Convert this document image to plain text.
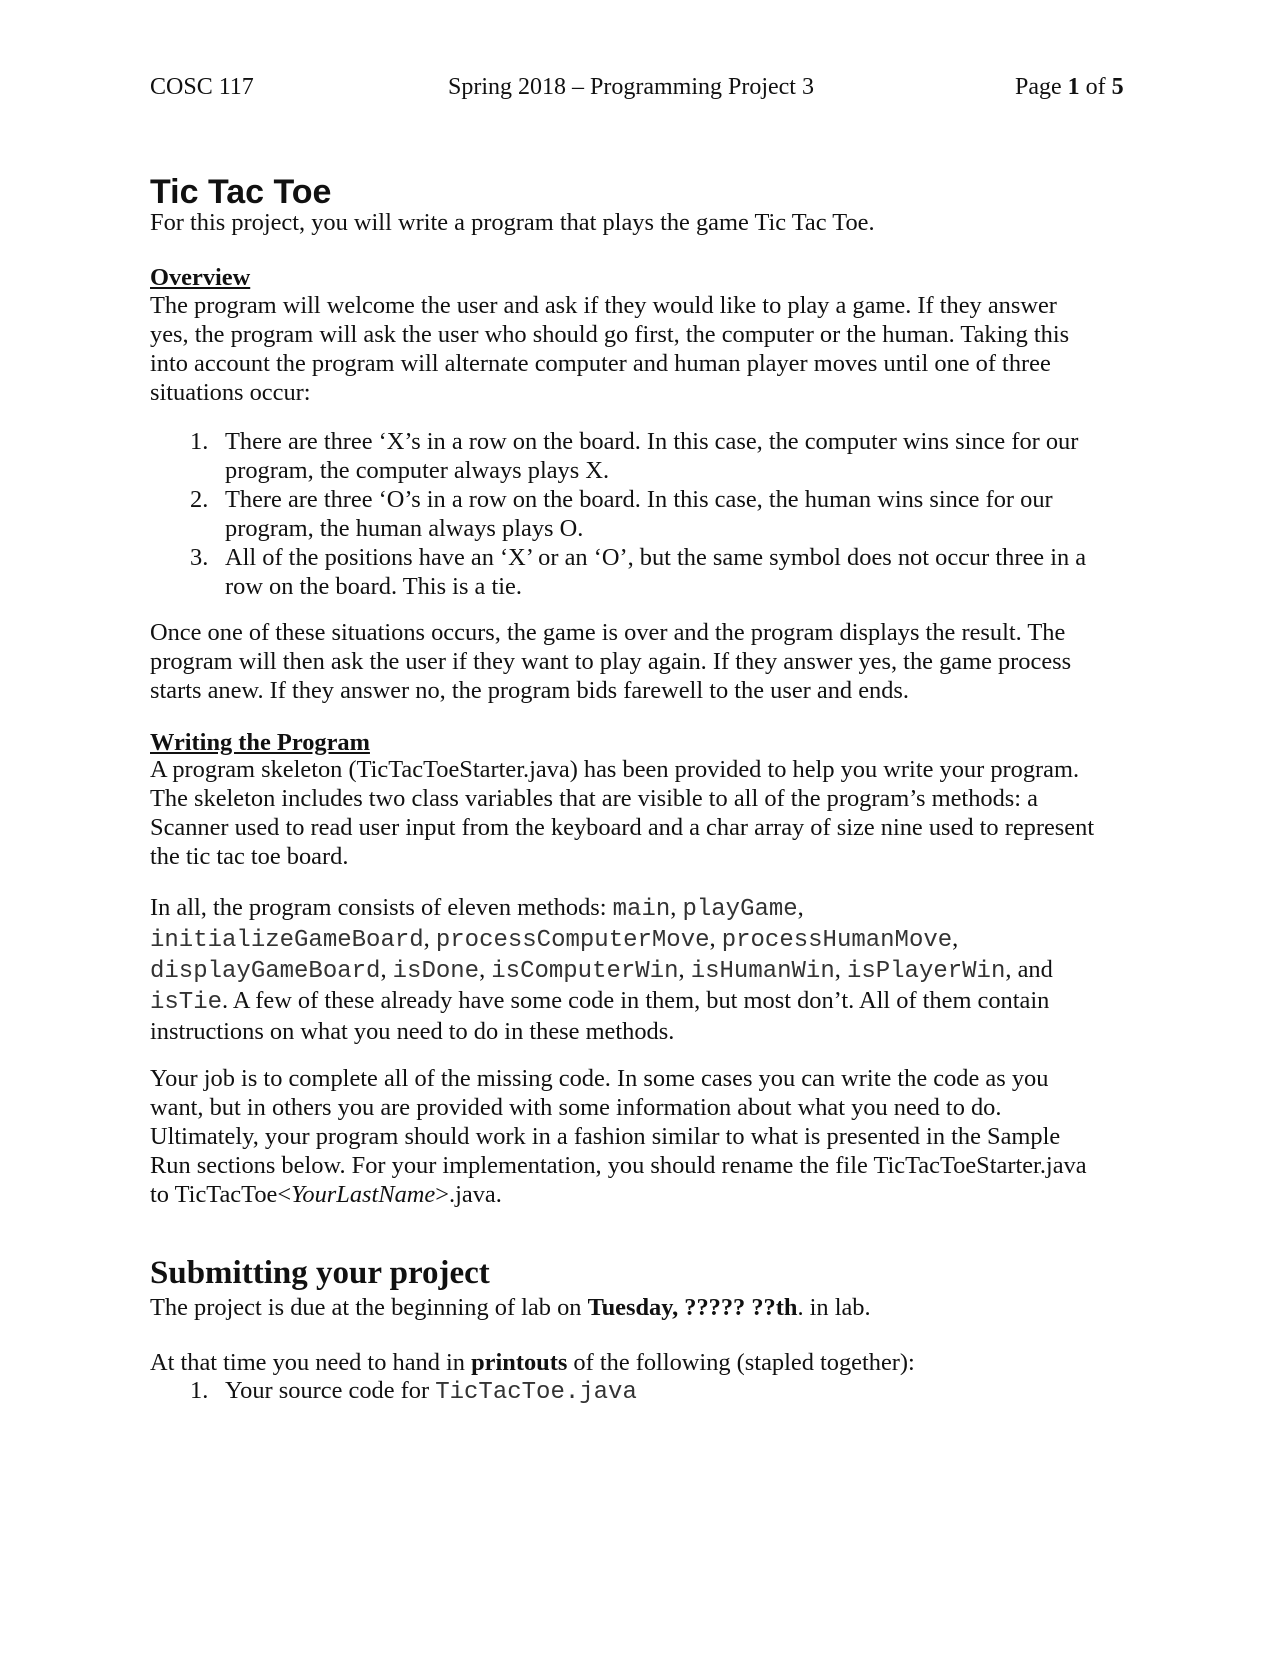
COSC 117	Spring 2018 – Programming Project 3	Page 1 of 5
Tic Tac Toe
For this project, you will write a program that plays the game Tic Tac Toe.
Overview
The program will welcome the user and ask if they would like to play a game. If they answer
yes, the program will ask the user who should go first, the computer or the human. Taking this
into account the program will alternate computer and human player moves until one of three
situations occur:
1. There are three ‘X’s in a row on the board. In this case, the computer wins since for our
program, the computer always plays X.
2. There are three ‘O’s in a row on the board. In this case, the human wins since for our
program, the human always plays O.
3. All of the positions have an ‘X’ or an ‘O’, but the same symbol does not occur three in a
row on the board. This is a tie.
Once one of these situations occurs, the game is over and the program displays the result. The
program will then ask the user if they want to play again. If they answer yes, the game process
starts anew. If they answer no, the program bids farewell to the user and ends.
Writing the Program
A program skeleton (TicTacToeStarter.java) has been provided to help you write your program.
The skeleton includes two class variables that are visible to all of the program’s methods: a
Scanner used to read user input from the keyboard and a char array of size nine used to represent
the tic tac toe board.
In all, the program consists of eleven methods: main, playGame,
initializeGameBoard, processComputerMove, processHumanMove,
displayGameBoard, isDone, isComputerWin, isHumanWin, isPlayerWin, and
isTie. A few of these already have some code in them, but most don’t. All of them contain
instructions on what you need to do in these methods.
Your job is to complete all of the missing code. In some cases you can write the code as you
want, but in others you are provided with some information about what you need to do.
Ultimately, your program should work in a fashion similar to what is presented in the Sample
Run sections below. For your implementation, you should rename the file TicTacToeStarter.java
to TicTacToe<YourLastName>.java.
Submitting your project
The project is due at the beginning of lab on Tuesday, ????? ??th. in lab.
At that time you need to hand in printouts of the following (stapled together):
1. Your source code for TicTacToe.java
